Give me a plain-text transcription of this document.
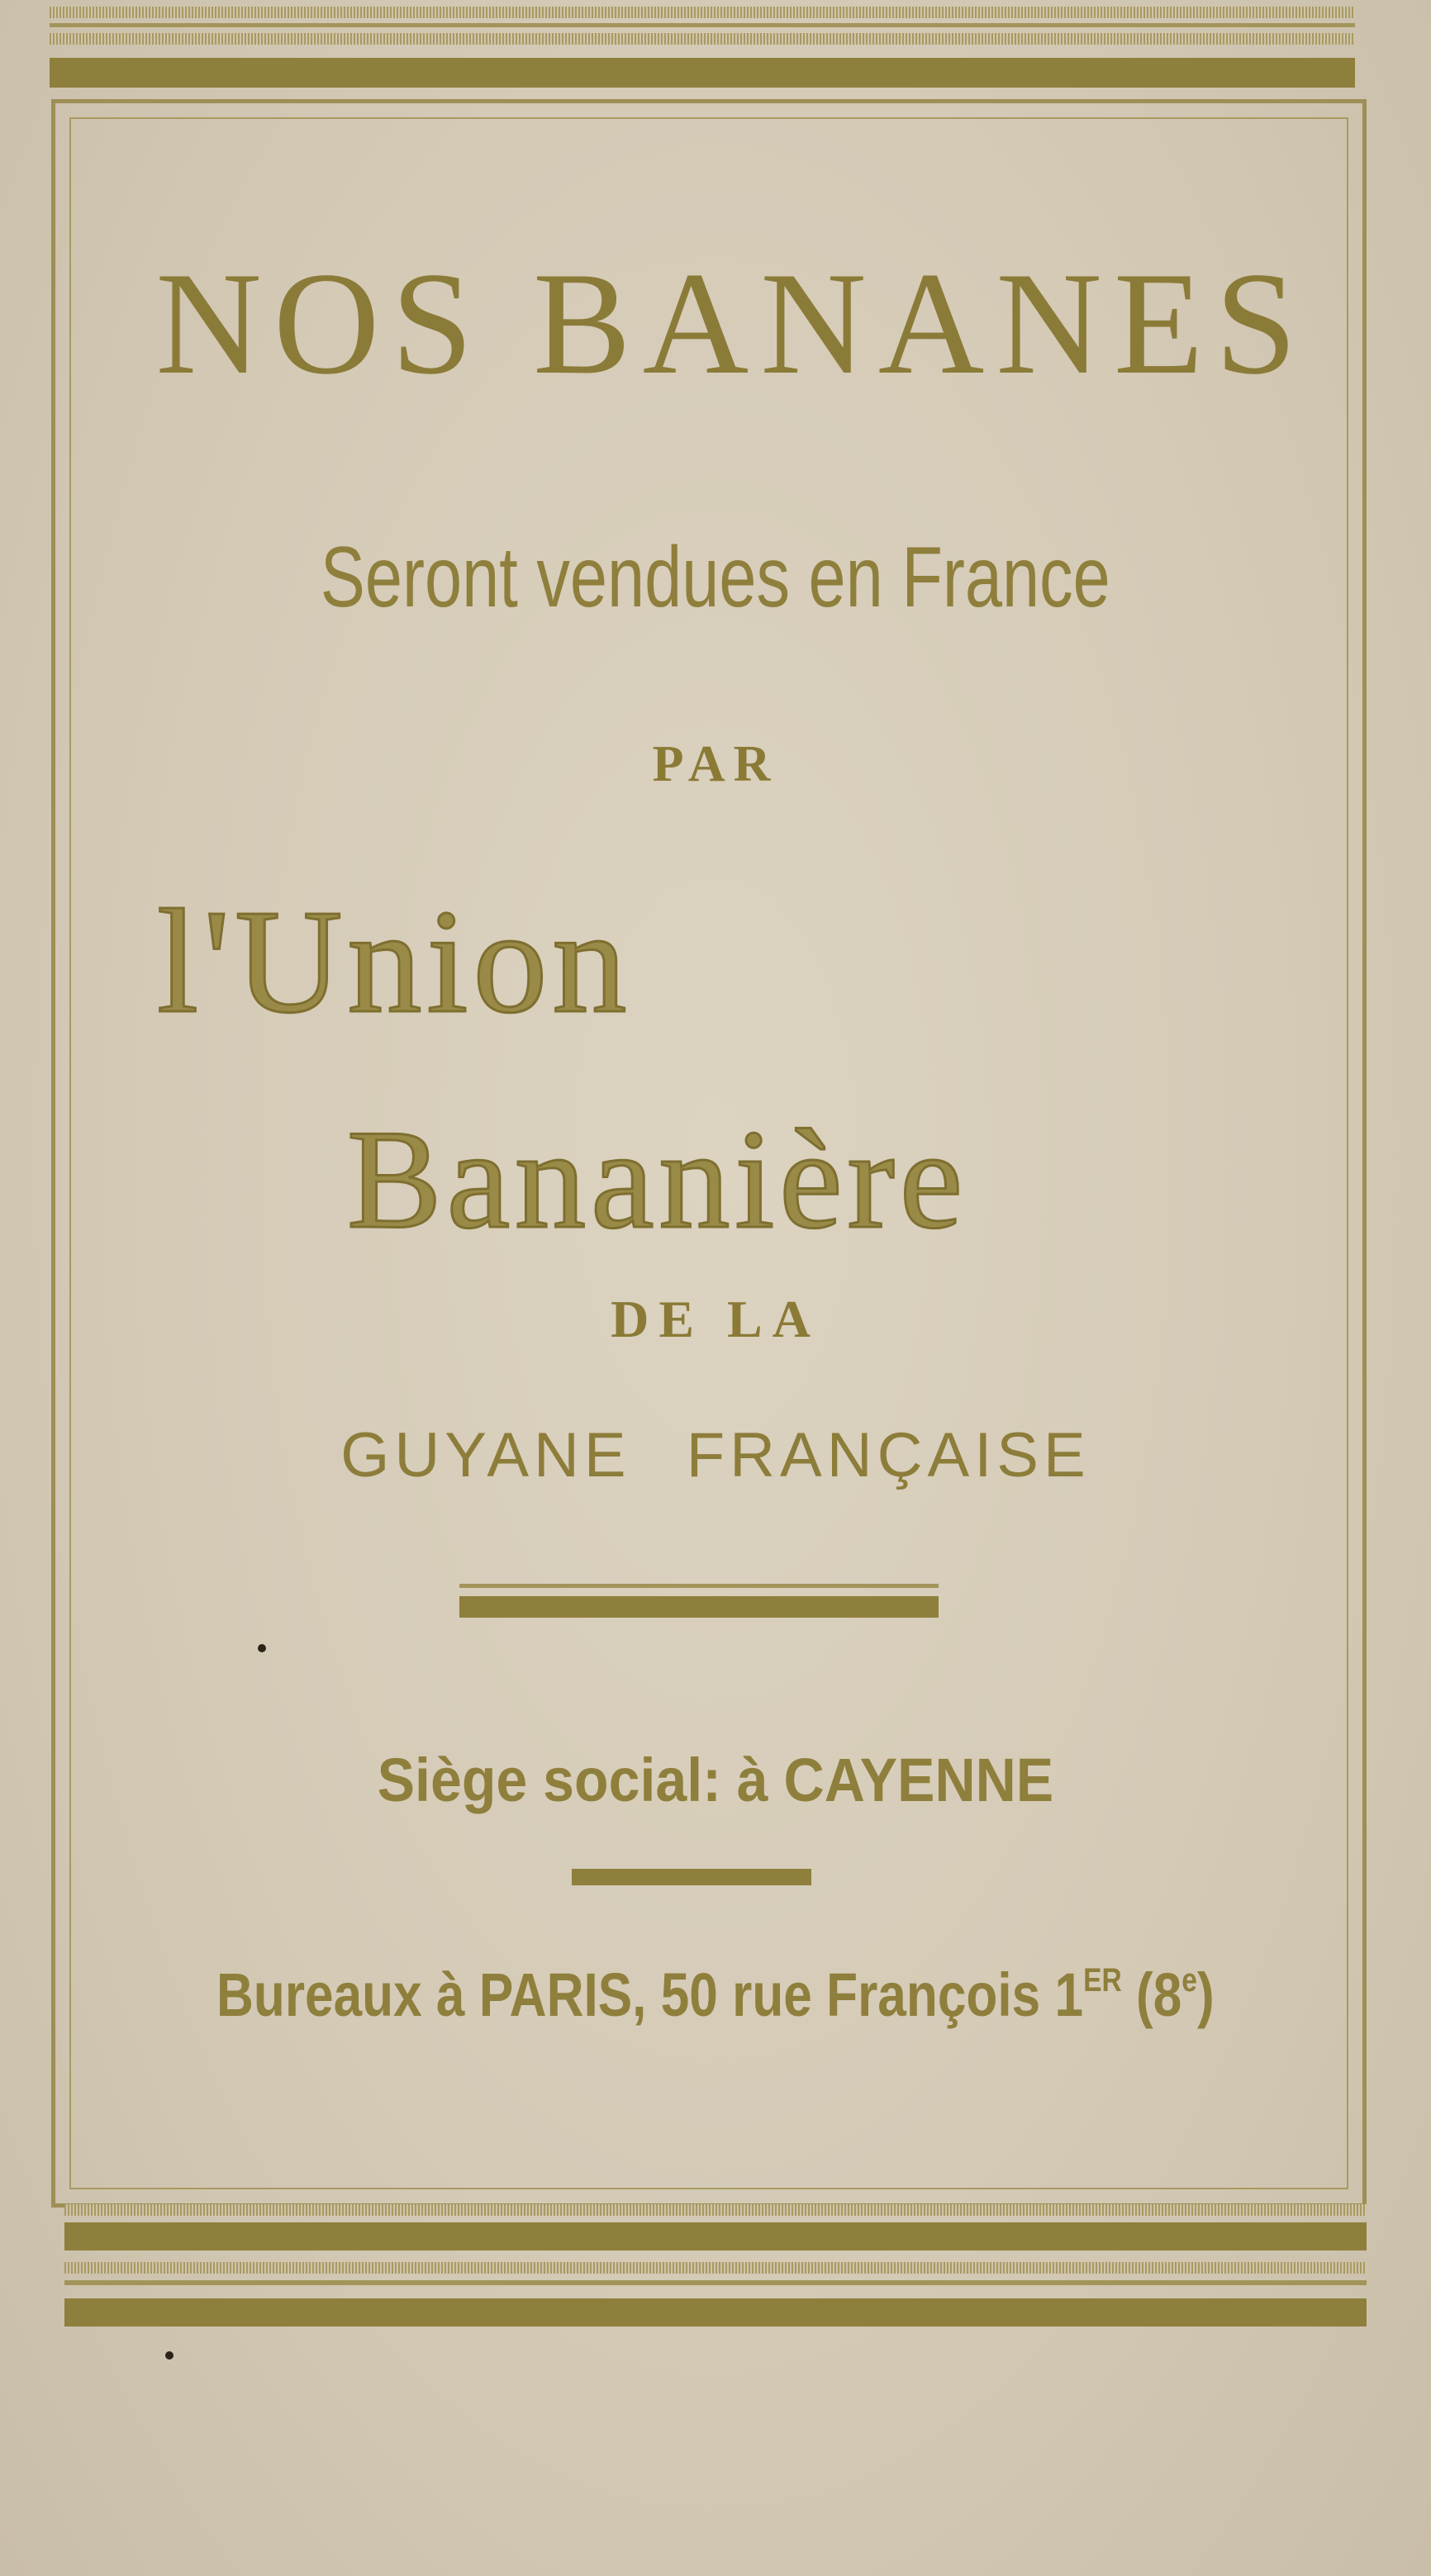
NOS BANANES
Seront vendues en France
PAR
l'Union
Bananière
DE LA
GUYANE FRANÇAISE
Siège social: à CAYENNE
Bureaux à PARIS, 50 rue François 1ER (8e)
